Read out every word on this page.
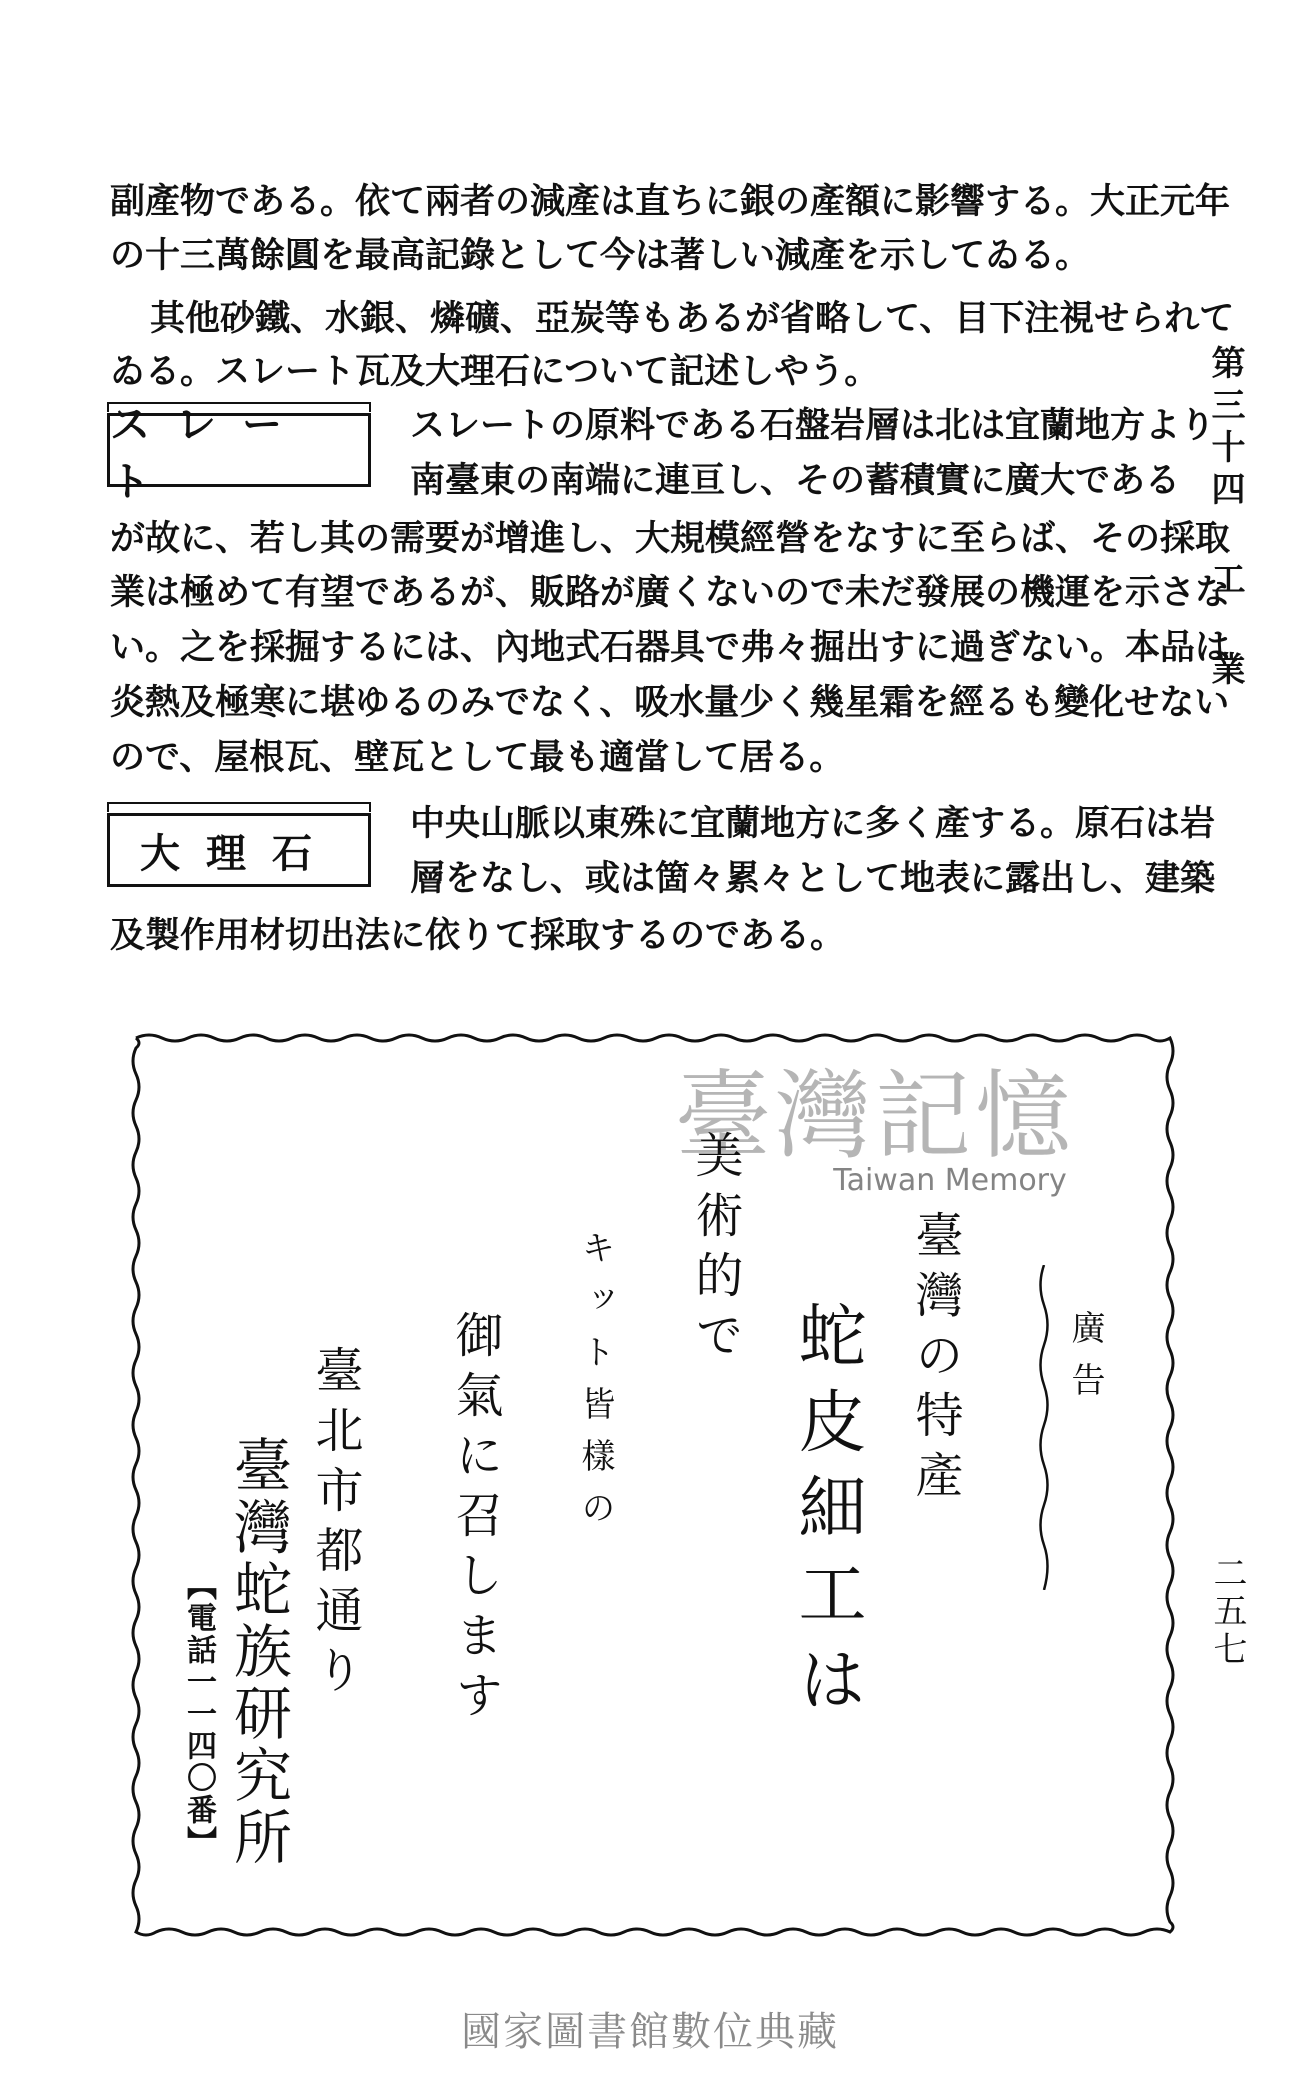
第三十四 工 業
二五七
副產物である。依て兩者の減產は直ちに銀の產額に影響する。大正元年
の十三萬餘圓を最高記錄として今は著しい減產を示してゐる。
其他砂鐵、水銀、燐礦、亞炭等もあるが省略して、目下注視せられて
ゐる。スレート瓦及大理石について記述しやう。
スレート
スレートの原料である石盤岩層は北は宜蘭地方より
南臺東の南端に連亘し、その蓄積實に廣大である
が故に、若し其の需要が增進し、大規模經營をなすに至らば、その採取
業は極めて有望であるが、販路が廣くないので未だ發展の機運を示さな
い。之を採掘するには、內地式石器具で弗々掘出すに過ぎない。本品は
炎熱及極寒に堪ゆるのみでなく、吸水量少く幾星霜を經るも變化せない
ので、屋根瓦、壁瓦として最も適當して居る。
大理石
中央山脈以東殊に宜蘭地方に多く產する。原石は岩
層をなし、或は箇々累々として地表に露出し、建築
及製作用材切出法に依りて採取するのである。
臺灣記憶
Taiwan Memory
廣告
臺灣の特產
蛇皮細工は
美術的で
キット皆樣の
御氣に召します
臺北市都通り
臺灣蛇族研究所
【電話一一四〇番】
國家圖書館數位典藏
